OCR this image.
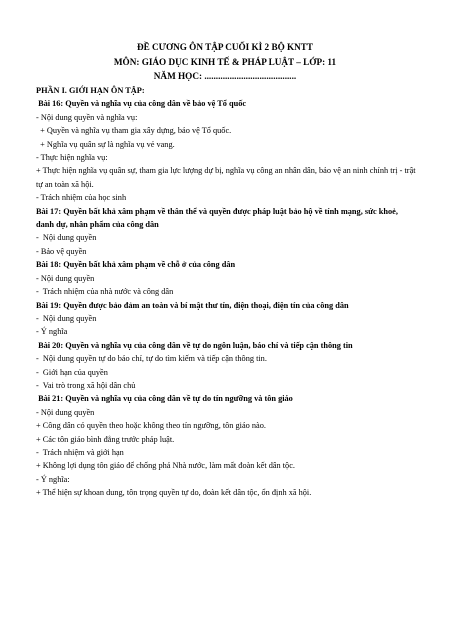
ĐỀ CƯƠNG ÔN TẬP CUỐI KÌ 2 BỘ KNTT
MÔN: GIÁO DỤC KINH TẾ & PHÁP LUẬT – LỚP: 11
NĂM HỌC: ........................................
PHẦN I. GIỚI HẠN ÔN TẬP:
Bài 16: Quyền và nghĩa vụ của công dân về bảo vệ Tổ quốc
- Nội dung quyền và nghĩa vụ:
+ Quyền và nghĩa vụ tham gia xây dựng, bảo vệ Tổ quốc.
+ Nghĩa vụ quân sự là nghĩa vụ vẻ vang.
- Thực hiện nghĩa vụ:
+ Thực hiện nghĩa vụ quân sự, tham gia lực lượng dự bị, nghĩa vụ công an nhân dân, bảo vệ an ninh chính trị - trật tự an toàn xã hội.
- Trách nhiệm của học sinh
Bài 17: Quyền bất khả xâm phạm về thân thể và quyền được pháp luật bảo hộ về tính mạng, sức khoẻ, danh dự, nhân phẩm của công dân
-  Nội dung quyền
- Bảo vệ quyền
Bài 18: Quyền bất khả xâm phạm về chỗ ở của công dân
- Nội dung quyền
-  Trách nhiệm của nhà nước và công dân
Bài 19: Quyền được bảo đảm an toàn và bí mật thư tín, điện thoại, điện tín của công dân
-  Nội dung quyền
- Ý nghĩa
Bài 20: Quyền và nghĩa vụ của công dân về tự do ngôn luận, báo chí và tiếp cận thông tin
-  Nội dung quyền tự do báo chí, tự do tìm kiếm và tiếp cận thông tin.
-  Giới hạn của quyền
-  Vai trò trong xã hội dân chủ
Bài 21: Quyền và nghĩa vụ của công dân về tự do tín ngưỡng và tôn giáo
- Nội dung quyền
+ Công dân có quyền theo hoặc không theo tín ngưỡng, tôn giáo nào.
+ Các tôn giáo bình đẳng trước pháp luật.
-  Trách nhiệm và giới hạn
+ Không lợi dụng tôn giáo để chống phá Nhà nước, làm mất đoàn kết dân tộc.
- Ý nghĩa:
+ Thể hiện sự khoan dung, tôn trọng quyền tự do, đoàn kết dân tộc, ổn định xã hội.
